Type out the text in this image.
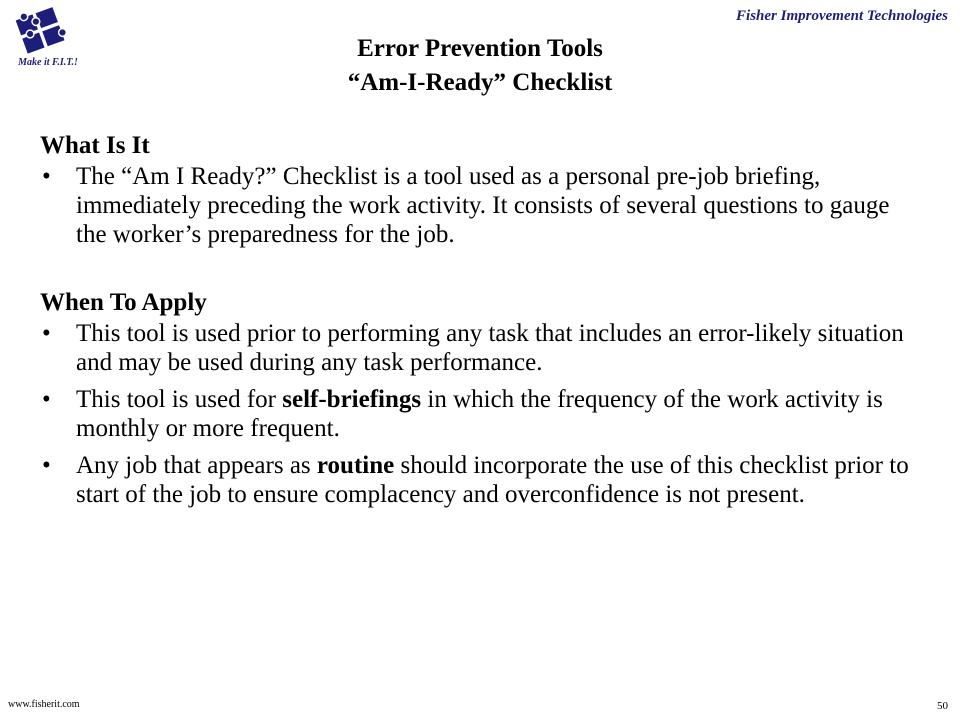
Make it F.I.T.!
Fisher Improvement Technologies
Error Prevention Tools
“Am-I-Ready” Checklist

What Is It

• The “Am I Ready?” Checklist is a tool used as a personal pre-job briefing, immediately preceding the work activity. It consists of several questions to gauge the worker’s preparedness for the job.

When To Apply

• This tool is used prior to performing any task that includes an error-likely situation and may be used during any task performance.
• This tool is used for self-briefings in which the frequency of the work activity is monthly or more frequent.
• Any job that appears as routine should incorporate the use of this checklist prior to start of the job to ensure complacency and overconfidence is not present.
www.fisherit.com	50
